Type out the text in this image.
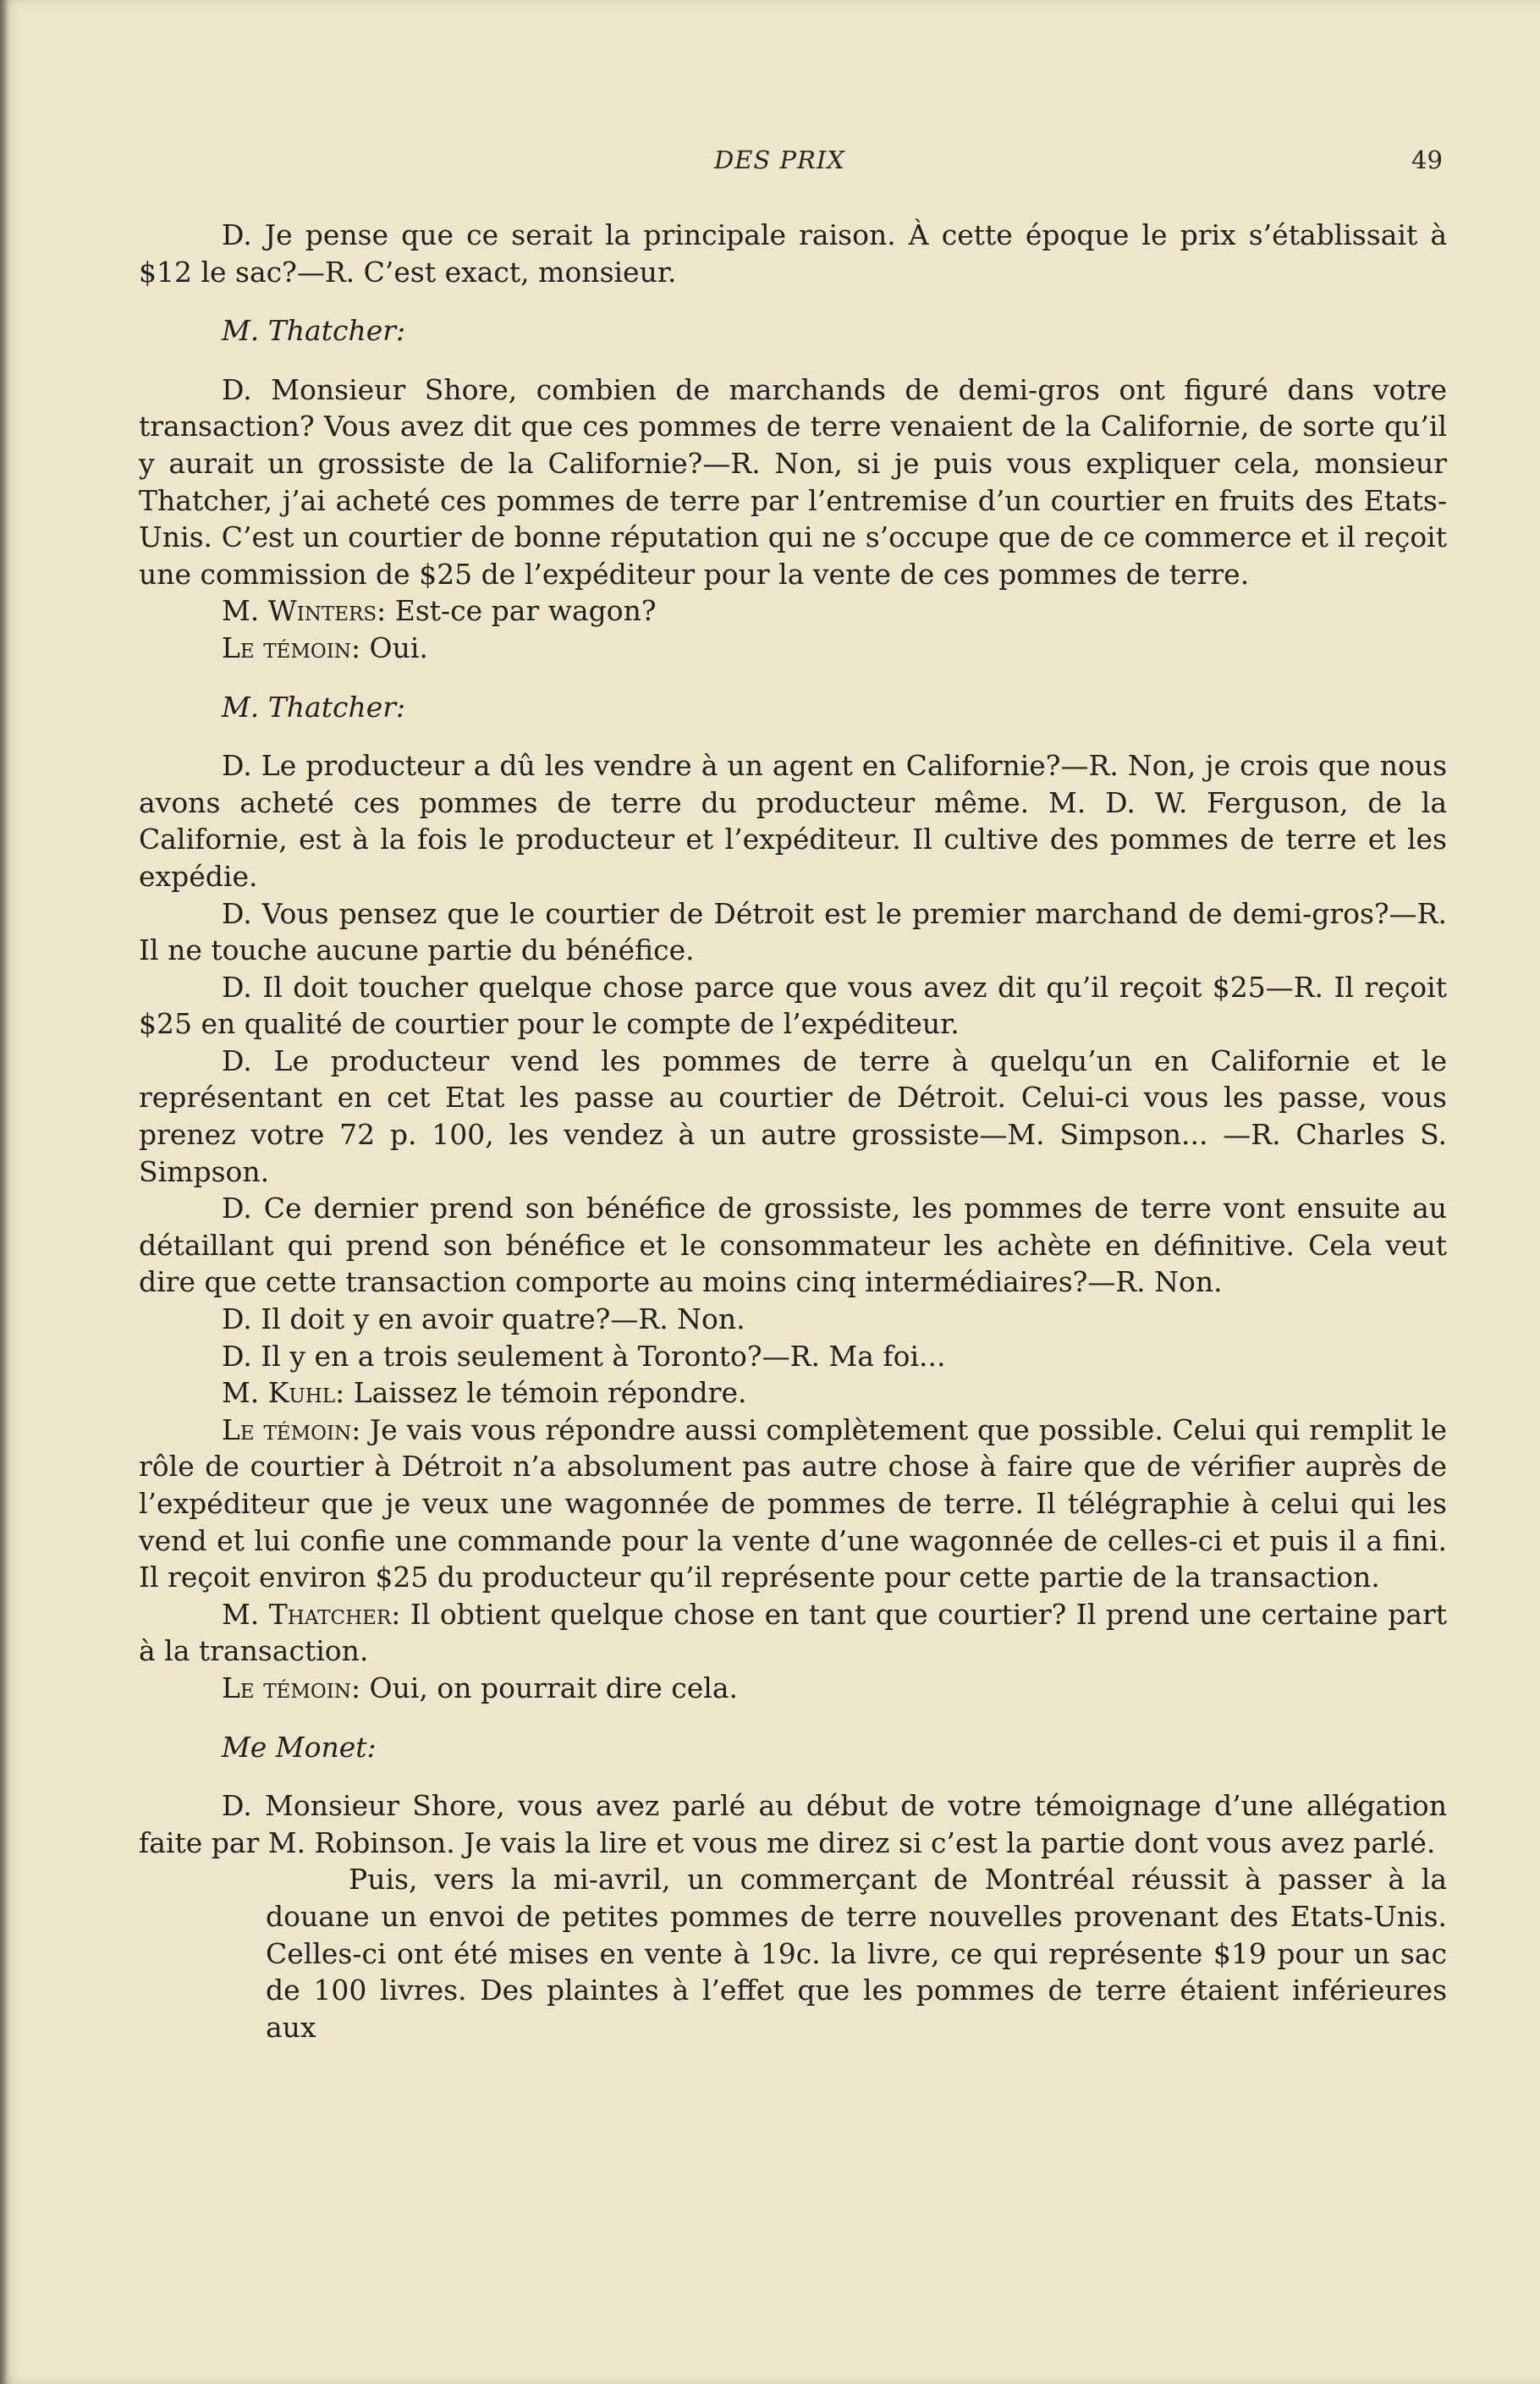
DES PRIX	49

D. Je pense que ce serait la principale raison. À cette époque le prix s’établissait à $12 le sac?—R. C’est exact, monsieur.

M. Thatcher:

D. Monsieur Shore, combien de marchands de demi-gros ont figuré dans votre transaction? Vous avez dit que ces pommes de terre venaient de la Californie, de sorte qu’il y aurait un grossiste de la Californie?—R. Non, si je puis vous expliquer cela, monsieur Thatcher, j’ai acheté ces pommes de terre par l’entremise d’un courtier en fruits des Etats-Unis. C’est un courtier de bonne réputation qui ne s’occupe que de ce commerce et il reçoit une commission de $25 de l’expéditeur pour la vente de ces pommes de terre.

M. Winters: Est-ce par wagon?

Le témoin: Oui.

M. Thatcher:

D. Le producteur a dû les vendre à un agent en Californie?—R. Non, je crois que nous avons acheté ces pommes de terre du producteur même. M. D. W. Ferguson, de la Californie, est à la fois le producteur et l’expéditeur. Il cultive des pommes de terre et les expédie.

D. Vous pensez que le courtier de Détroit est le premier marchand de demi-gros?—R. Il ne touche aucune partie du bénéfice.

D. Il doit toucher quelque chose parce que vous avez dit qu’il reçoit $25—R. Il reçoit $25 en qualité de courtier pour le compte de l’expéditeur.

D. Le producteur vend les pommes de terre à quelqu’un en Californie et le représentant en cet Etat les passe au courtier de Détroit. Celui-ci vous les passe, vous prenez votre 72 p. 100, les vendez à un autre grossiste—M. Simpson... —R. Charles S. Simpson.

D. Ce dernier prend son bénéfice de grossiste, les pommes de terre vont ensuite au détaillant qui prend son bénéfice et le consommateur les achète en définitive. Cela veut dire que cette transaction comporte au moins cinq intermédiaires?—R. Non.

D. Il doit y en avoir quatre?—R. Non.

D. Il y en a trois seulement à Toronto?—R. Ma foi...

M. Kuhl: Laissez le témoin répondre.

Le témoin: Je vais vous répondre aussi complètement que possible. Celui qui remplit le rôle de courtier à Détroit n’a absolument pas autre chose à faire que de vérifier auprès de l’expéditeur que je veux une wagonnée de pommes de terre. Il télégraphie à celui qui les vend et lui confie une commande pour la vente d’une wagonnée de celles-ci et puis il a fini. Il reçoit environ $25 du producteur qu’il représente pour cette partie de la transaction.

M. Thatcher: Il obtient quelque chose en tant que courtier? Il prend une certaine part à la transaction.

Le témoin: Oui, on pourrait dire cela.

Me Monet:

D. Monsieur Shore, vous avez parlé au début de votre témoignage d’une allégation faite par M. Robinson. Je vais la lire et vous me direz si c’est la partie dont vous avez parlé.

Puis, vers la mi-avril, un commerçant de Montréal réussit à passer à la douane un envoi de petites pommes de terre nouvelles provenant des Etats-Unis. Celles-ci ont été mises en vente à 19c. la livre, ce qui représente $19 pour un sac de 100 livres. Des plaintes à l’effet que les pommes de terre étaient inférieures aux
